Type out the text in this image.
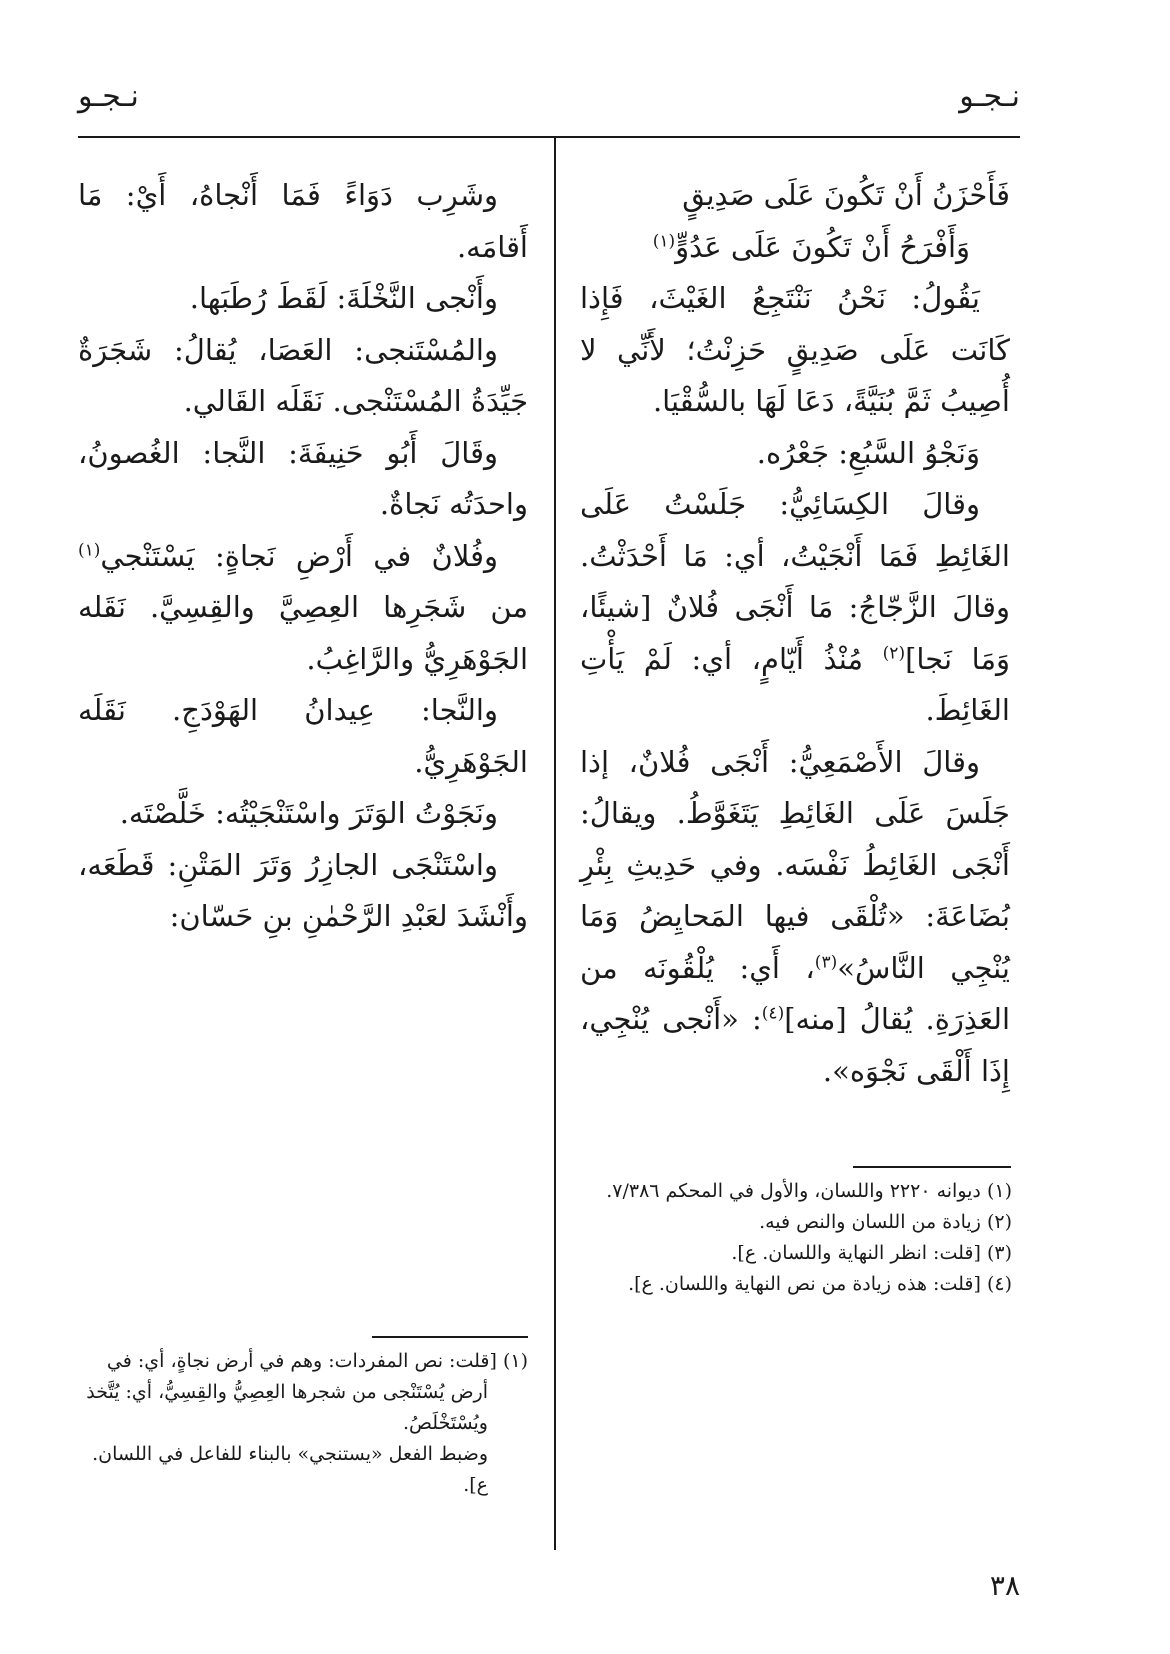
نـجـو
نـجـو

فَأَحْزَنُ أَنْ تَكُونَ عَلَى صَدِيقٍ

وَأَفْرَحُ أَنْ تَكُونَ عَلَى عَدُوٍّ$^{(١)}$

يَقُولُ: نَحْنُ نَنْتَجِعُ الغَيْثَ، فَإِذا كَانَت عَلَى صَدِيقٍ حَزِنْتُ؛ لأَنِّي لا أُصِيبُ ثَمَّ بُنَيَّةً، دَعَا لَهَا بالسُّقْيَا.

وَنَجْوُ السَّبُعِ: جَعْرُه.

وقالَ الكِسَائِيُّ: جَلَسْتُ عَلَى الغَائِطِ فَمَا أَنْجَيْتُ، أي: مَا أَحْدَثْتُ. وقالَ الزَّجّاجُ: مَا أَنْجَى فُلانٌ [شيئًا، وَمَا نَجا]$^{(٢)}$ مُنْذُ أَيّامٍ، أي: لَمْ يَأْتِ الغَائِطَ.

وقالَ الأَصْمَعِيُّ: أَنْجَى فُلانٌ، إذا جَلَسَ عَلَى الغَائِطِ يَتَغَوَّطُ. ويقالُ: أَنْجَى الغَائِطُ نَفْسَه. وفي حَدِيثِ بِئْرِ بُضَاعَةَ: «تُلْقَى فيها المَحايِضُ وَمَا يُنْجِي النَّاسُ»$^{(٣)}$، أَي: يُلْقُونَه من العَذِرَةِ. يُقالُ [منه]$^{(٤)}$: «أَنْجى يُنْجِي، إِذَا أَلْقَى نَجْوَه».

وشَرِب دَوَاءً فَمَا أَنْجاهُ، أَيْ: مَا أَقامَه.

وأَنْجى النَّخْلَةَ: لَقَطَ رُطَبَها.

والمُسْتَنجى: العَصَا، يُقالُ: شَجَرَةٌ جَيِّدَةُ المُسْتَنْجى. نَقَلَه القَالي.

وقَالَ أَبُو حَنِيفَةَ: النَّجا: الغُصونُ، واحدَتُه نَجاةٌ.

وفُلانٌ في أَرْضِ نَجاةٍ: يَسْتَنْجي$^{(١)}$ من شَجَرِها العِصِيَّ والقِسِيَّ. نَقَله الجَوْهَرِيُّ والرَّاغِبُ.

والنَّجا: عِيدانُ الهَوْدَجِ. نَقَلَه الجَوْهَرِيُّ.

ونَجَوْتُ الوَتَرَ واسْتَنْجَيْتُه: خَلَّصْتَه.

واسْتَنْجَى الجازِرُ وَتَرَ المَتْنِ: قَطَعَه، وأَنْشَدَ لعَبْدِ الرَّحْمٰنِ بنِ حَسّان:

(١) ديوانه ٢٢٢٠ واللسان، والأول في المحكم ٧/٣٨٦.

(٢) زيادة من اللسان والنص فيه.

(٣) [قلت: انظر النهاية واللسان. ع].

(٤) [قلت: هذه زيادة من نص النهاية واللسان. ع].

(١) [قلت: نص المفردات: وهم في أرض نجاةٍ، أي: في أرض يُسْتَنْجى من شجرها العِصِيُّ والقِسِيُّ، أي: يُتَّخذ ويُسْتَخْلَصُ.

وضبط الفعل «يستنجي» بالبناء للفاعل في اللسان. ع].

٣٨
